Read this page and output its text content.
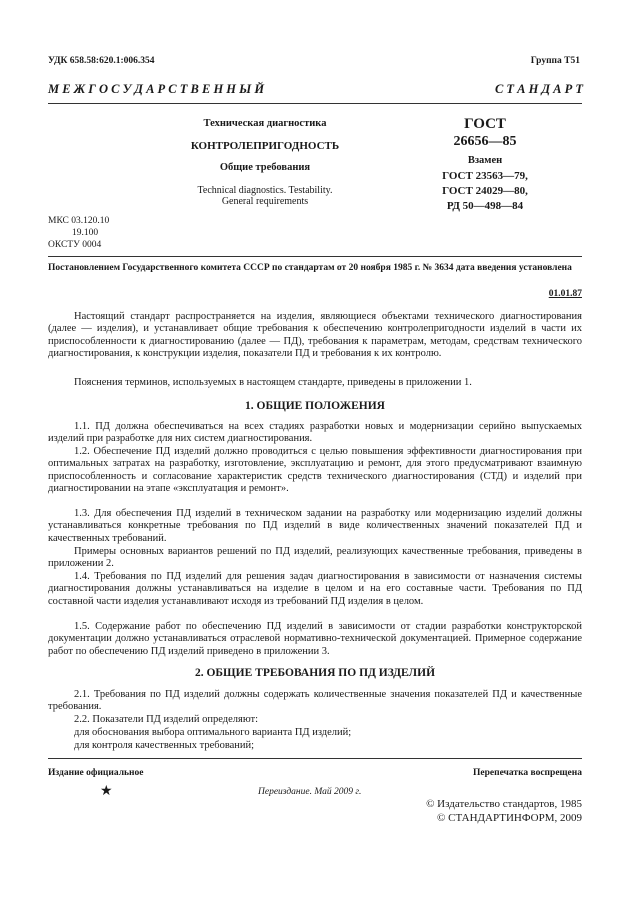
УДК 658.58:620.1:006.354	Группа Т51
М Е Ж Г О С У Д А Р С Т В Е Н Н Ы Й	С Т А Н Д А Р Т
Техническая диагностика
КОНТРОЛЕПРИГОДНОСТЬ
Общие требования
Technical diagnostics. Testability.
General requirements
ГОСТ
26656—85
Взамен
ГОСТ 23563—79,
ГОСТ 24029—80,
РД 50—498—84
МКС 03.120.10
19.100
ОКСТУ 0004
Постановлением Государственного комитета СССР по стандартам от 20 ноября 1985 г. № 3634 дата введения установлена
01.01.87
Настоящий стандарт распространяется на изделия, являющиеся объектами технического диагностирования (далее — изделия), и устанавливает общие требования к обеспечению контролепригодности изделий в части их приспособленности к диагностированию (далее — ПД), требования к параметрам, методам, средствам технического диагностирования, к конструкции изделия, показатели ПД и требования к их контролю.
Пояснения терминов, используемых в настоящем стандарте, приведены в приложении 1.
1. ОБЩИЕ ПОЛОЖЕНИЯ
1.1. ПД должна обеспечиваться на всех стадиях разработки новых и модернизации серийно выпускаемых изделий при разработке для них систем диагностирования.
1.2. Обеспечение ПД изделий должно проводиться с целью повышения эффективности диагностирования при оптимальных затратах на разработку, изготовление, эксплуатацию и ремонт, для этого предусматривают взаимную приспособленность и согласование характеристик средств технического диагностирования (СТД) и изделий при диагностировании на этапе «эксплуатация и ремонт».
1.3. Для обеспечения ПД изделий в техническом задании на разработку или модернизацию изделий должны устанавливаться конкретные требования по ПД изделий в виде количественных значений показателей ПД и качественных требований.
Примеры основных вариантов решений по ПД изделий, реализующих качественные требования, приведены в приложении 2.
1.4. Требования по ПД изделий для решения задач диагностирования в зависимости от назначения системы диагностирования должны устанавливаться на изделие в целом и на его составные части. Требования по ПД составной части изделия устанавливают исходя из требований ПД изделия в целом.
1.5. Содержание работ по обеспечению ПД изделий в зависимости от стадии разработки конструкторской документации должно устанавливаться отраслевой нормативно-технической документацией. Примерное содержание работ по обеспечению ПД изделий приведено в приложении 3.
2. ОБЩИЕ ТРЕБОВАНИЯ ПО ПД ИЗДЕЛИЙ
2.1. Требования по ПД изделий должны содержать количественные значения показателей ПД и качественные требования.
2.2. Показатели ПД изделий определяют:
для обоснования выбора оптимального варианта ПД изделий;
для контроля качественных требований;
Издание официальное	Перепечатка воспрещена
★	Переиздание. Май 2009 г.
© Издательство стандартов, 1985
© СТАНДАРТИНФОРМ, 2009
